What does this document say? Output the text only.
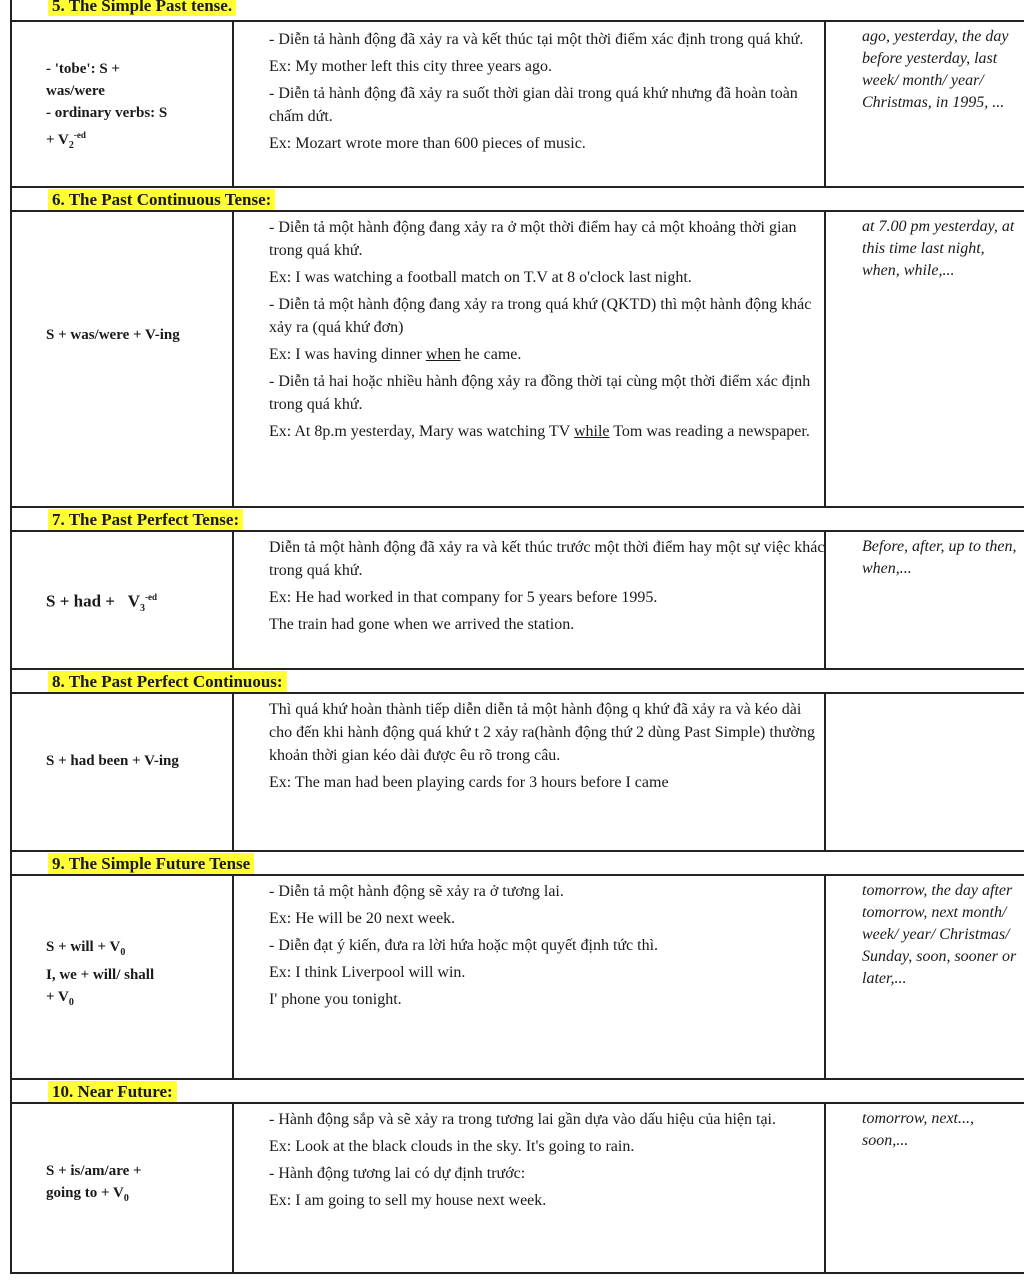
5. The Simple Past tense.
- 'tobe': S +
was/were
- ordinary verbs: S
+ $V_2^{-ed}$

- Diễn tả hành động đã xảy ra và kết thúc tại một thời điểm xác định trong quá khứ.

Ex: My mother left this city three years ago.

- Diễn tả hành động đã xảy ra suốt thời gian dài trong quá khứ nhưng đã hoàn toàn chấm dứt.

Ex: Mozart wrote more than 600 pieces of music.

ago, yesterday, the day before yesterday, last week/ month/ year/ Christmas, in 1995, ...
6. The Past Continuous Tense:
S + was/were + V-ing

- Diễn tả một hành động đang xảy ra ở một thời điểm hay cả một khoảng thời gian trong quá khứ.

Ex: I was watching a football match on T.V at 8 o'clock last night.

- Diễn tả một hành động đang xảy ra trong quá khứ (QKTD) thì một hành động khác xảy ra (quá khứ đơn)

Ex: I was having dinner when he came.

- Diễn tả hai hoặc nhiều hành động xảy ra đồng thời tại cùng một thời điểm xác định trong quá khứ.

Ex: At 8p.m yesterday, Mary was watching TV while Tom was reading a newspaper.

at 7.00 pm yesterday, at this time last night, when, while,...
7. The Past Perfect Tense:
S + had +   $V_3^{-ed}$

Diễn tả một hành động đã xảy ra và kết thúc trước một thời điểm hay một sự việc khác trong quá khứ.

Ex: He had worked in that company for 5 years before 1995.

The train had gone when we arrived the station.

Before, after, up to then, when,...
8. The Past Perfect Continuous:
S + had been + V-ing

Thì quá khứ hoàn thành tiếp diễn diễn tả một hành động q khứ đã xảy ra và kéo dài cho đến khi hành động quá khứ t 2 xảy ra(hành động thứ 2 dùng Past Simple) thường khoản thời gian kéo dài được êu rõ trong câu.

Ex: The man had been playing cards for 3 hours before I came

9. The Simple Future Tense
S + will + $V_0$
I, we + will/ shall
+ $V_0$

- Diễn tả một hành động sẽ xảy ra ở tương lai.

Ex: He will be 20 next week.

- Diễn đạt ý kiến, đưa ra lời hứa hoặc một quyết định tức thì.

Ex: I think Liverpool will win.

I' phone you tonight.

tomorrow, the day after tomorrow, next month/ week/ year/ Christmas/ Sunday, soon, sooner or later,...
10. Near Future:
S + is/am/are +
going to + $V_0$

- Hành động sắp và sẽ xảy ra trong tương lai gần dựa vào dấu hiệu của hiện tại.

Ex: Look at the black clouds in the sky. It's going to rain.

- Hành động tương lai có dự định trước:

Ex: I am going to sell my house next week.

tomorrow, next..., soon,...
